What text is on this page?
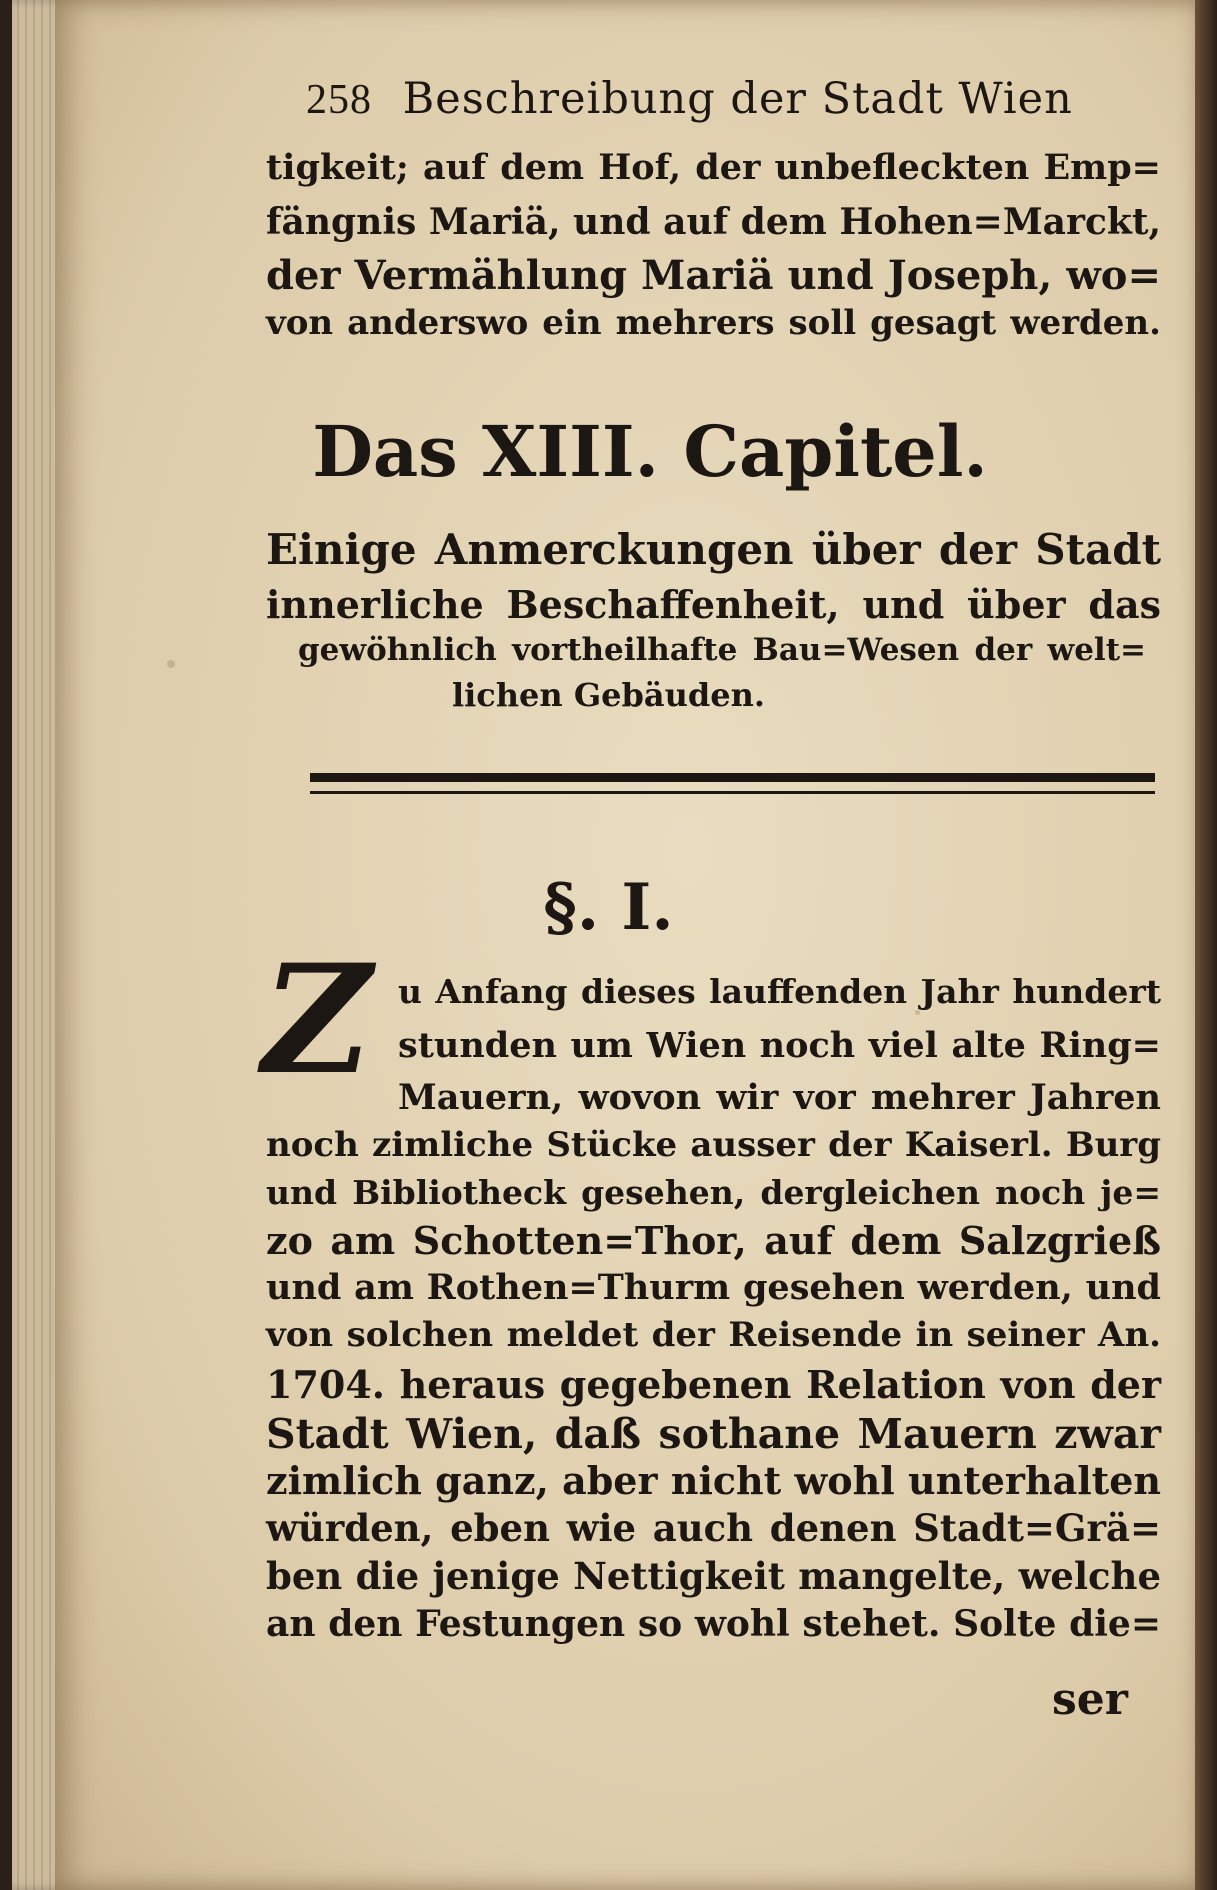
258 Beschreibung der Stadt Wien
tigkeit; auf dem Hof, der unbefleckten Emp=
fängnis Mariä, und auf dem Hohen=Marckt,
der Vermählung Mariä und Joseph, wo=
von anderswo ein mehrers soll gesagt werden.
Das XIII. Capitel.
Einige Anmerckungen über der Stadt
innerliche Beschaffenheit, und über das
gewöhnlich vortheilhafte Bau=Wesen der welt=
lichen Gebäuden.
§. I.
Z u Anfang dieses lauffenden Jahr hundert
stunden um Wien noch viel alte Ring=
Mauern, wovon wir vor mehrer Jahren
noch zimliche Stücke ausser der Kaiserl. Burg
und Bibliotheck gesehen, dergleichen noch je=
zo am Schotten=Thor, auf dem Salzgrieß
und am Rothen=Thurm gesehen werden, und
von solchen meldet der Reisende in seiner An.
1704. heraus gegebenen Relation von der
Stadt Wien, daß sothane Mauern zwar
zimlich ganz, aber nicht wohl unterhalten
würden, eben wie auch denen Stadt=Grä=
ben die jenige Nettigkeit mangelte, welche
an den Festungen so wohl stehet. Solte die=
ser
